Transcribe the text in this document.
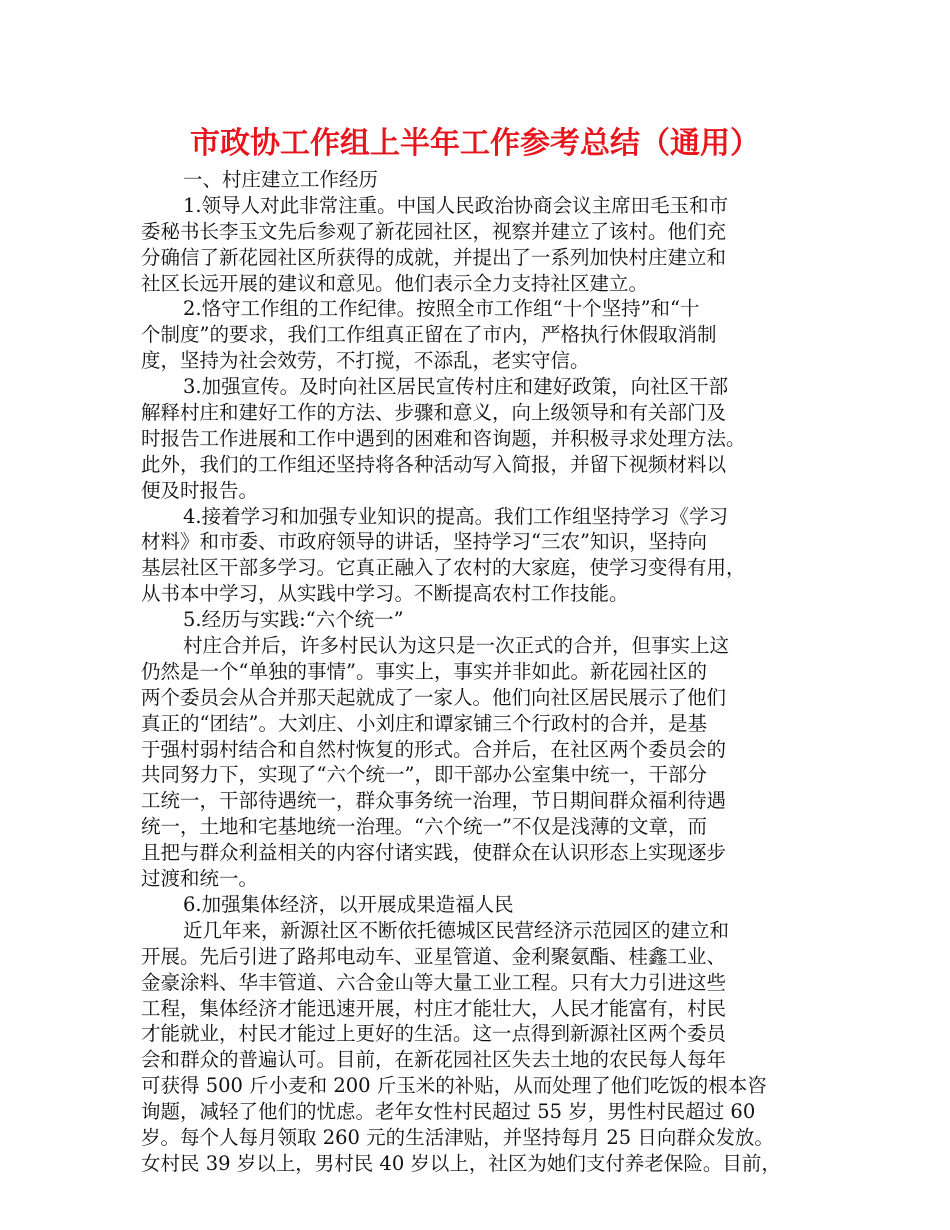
市政协工作组上半年工作参考总结（通用）
一、村庄建立工作经历
1.领导人对此非常注重。中国人民政治协商会议主席田毛玉和市
委秘书长李玉文先后参观了新花园社区，视察并建立了该村。他们充
分确信了新花园社区所获得的成就，并提出了一系列加快村庄建立和
社区长远开展的建议和意见。他们表示全力支持社区建立。
2.恪守工作组的工作纪律。按照全市工作组“十个坚持”和“十
个制度”的要求，我们工作组真正留在了市内，严格执行休假取消制
度，坚持为社会效劳，不打搅，不添乱，老实守信。
3.加强宣传。及时向社区居民宣传村庄和建好政策，向社区干部
解释村庄和建好工作的方法、步骤和意义，向上级领导和有关部门及
时报告工作进展和工作中遇到的困难和咨询题，并积极寻求处理方法。
此外，我们的工作组还坚持将各种活动写入简报，并留下视频材料以
便及时报告。
4.接着学习和加强专业知识的提高。我们工作组坚持学习《学习
材料》和市委、市政府领导的讲话，坚持学习“三农”知识，坚持向
基层社区干部多学习。它真正融入了农村的大家庭，使学习变得有用，
从书本中学习，从实践中学习。不断提高农村工作技能。
5.经历与实践:“六个统一”
村庄合并后，许多村民认为这只是一次正式的合并，但事实上这
仍然是一个“单独的事情”。事实上，事实并非如此。新花园社区的
两个委员会从合并那天起就成了一家人。他们向社区居民展示了他们
真正的“团结”。大刘庄、小刘庄和谭家铺三个行政村的合并，是基
于强村弱村结合和自然村恢复的形式。合并后，在社区两个委员会的
共同努力下，实现了“六个统一”，即干部办公室集中统一，干部分
工统一，干部待遇统一，群众事务统一治理，节日期间群众福利待遇
统一，土地和宅基地统一治理。“六个统一”不仅是浅薄的文章，而
且把与群众利益相关的内容付诸实践，使群众在认识形态上实现逐步
过渡和统一。
6.加强集体经济，以开展成果造福人民
近几年来，新源社区不断依托德城区民营经济示范园区的建立和
开展。先后引进了路邦电动车、亚星管道、金利聚氨酯、桂鑫工业、
金豪涂料、华丰管道、六合金山等大量工业工程。只有大力引进这些
工程，集体经济才能迅速开展，村庄才能壮大，人民才能富有，村民
才能就业，村民才能过上更好的生活。这一点得到新源社区两个委员
会和群众的普遍认可。目前，在新花园社区失去土地的农民每人每年
可获得 500 斤小麦和 200 斤玉米的补贴，从而处理了他们吃饭的根本咨
询题，减轻了他们的忧虑。老年女性村民超过 55 岁，男性村民超过 60
岁。每个人每月领取 260 元的生活津贴，并坚持每月 25 日向群众发放。
女村民 39 岁以上，男村民 40 岁以上，社区为她们支付养老保险。目前，
